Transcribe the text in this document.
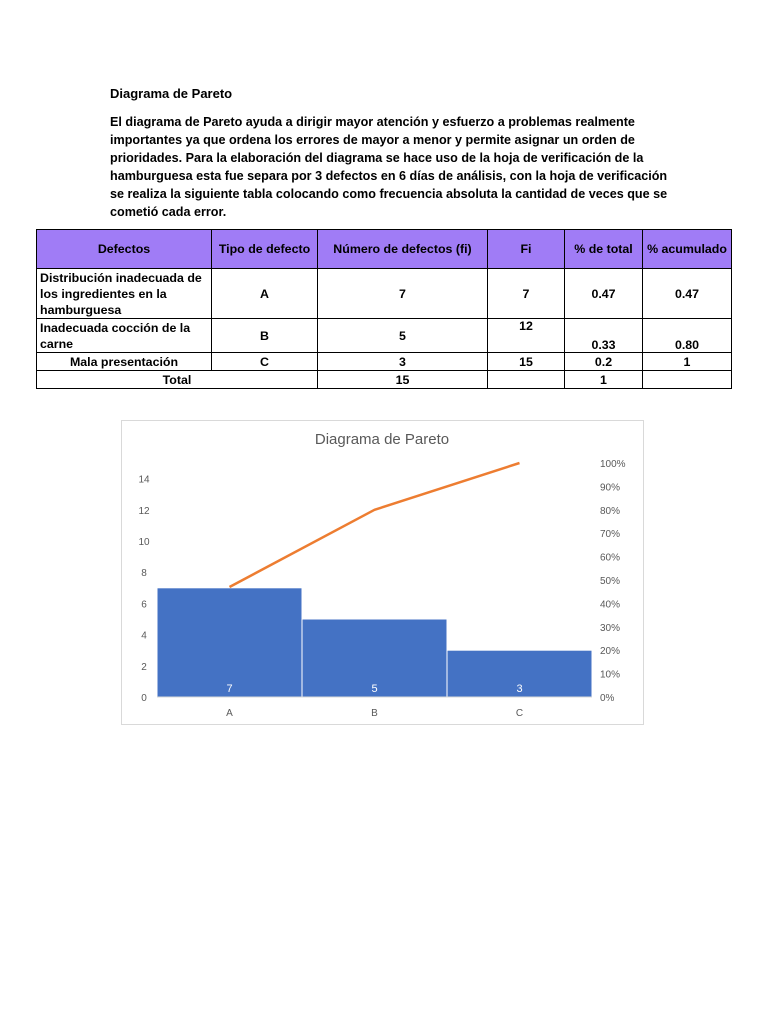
Diagrama de Pareto
El diagrama de Pareto ayuda a dirigir mayor atención y esfuerzo a problemas realmente importantes ya que ordena los errores de mayor a menor y permite asignar un orden de prioridades. Para la elaboración del diagrama se hace uso de la hoja de verificación de la hamburguesa esta fue separa por 3 defectos en 6 días de análisis, con la hoja de verificación se realiza la siguiente tabla colocando como frecuencia absoluta la cantidad de veces que se cometió cada error.
Defectos	Tipo de defecto	Número de defectos (fi)	Fi	% de total	% acumulado
Distribución inadecuada de los ingredientes en la hamburguesa	A	7	7	0.47	0.47
Inadecuada cocción de la carne	B	5	12	0.33	0.80
Mala presentación	C	3	15	0.2	1
Total		15		1	
Diagrama de Pareto
7	5	3
A	B	C
0
2
4
6
8
10
12
14
0%
10%
20%
30%
40%
50%
60%
70%
80%
90%
100%
